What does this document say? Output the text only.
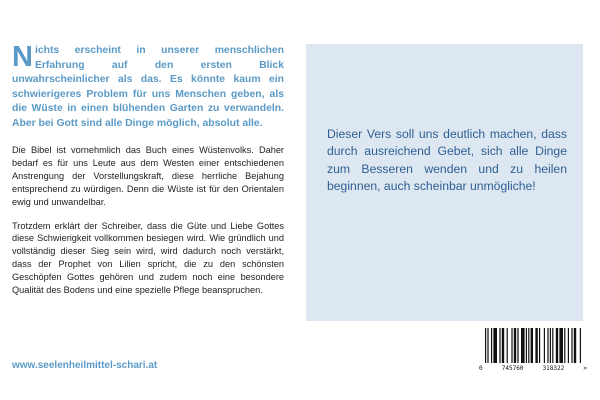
Nichts erscheint in unserer menschlichen Erfahrung auf den ersten Blick unwahrscheinlicher als das. Es könnte kaum ein schwierigeres Problem für uns Menschen geben, als die Wüste in einen blühenden Garten zu verwandeln. Aber bei Gott sind alle Dinge möglich, absolut alle.

Die Bibel ist vornehmlich das Buch eines Wüstenvolks. Daher bedarf es für uns Leute aus dem Westen einer entschiedenen Anstrengung der Vorstellungskraft, diese herrliche Bejahung entsprechend zu würdigen. Denn die Wüste ist für den Orientalen ewig und unwandelbar.

Trotzdem erklärt der Schreiber, dass die Güte und Liebe Gottes diese Schwierigkeit vollkommen besiegen wird. Wie gründlich und vollständig dieser Sieg sein wird, wird dadurch noch verstärkt, dass der Prophet von Lilien spricht, die zu den schönsten Geschöpfen Gottes gehören und zudem noch eine besondere Qualität des Bodens und eine spezielle Pflege beanspruchen.

Dieser Vers soll uns deutlich machen, dass durch ausreichend Gebet, sich alle Dinge zum Besseren wenden und zu heilen beginnen, auch scheinbar unmögliche!

www.seelenheilmittel-schari.at	0	745760	318322	>
